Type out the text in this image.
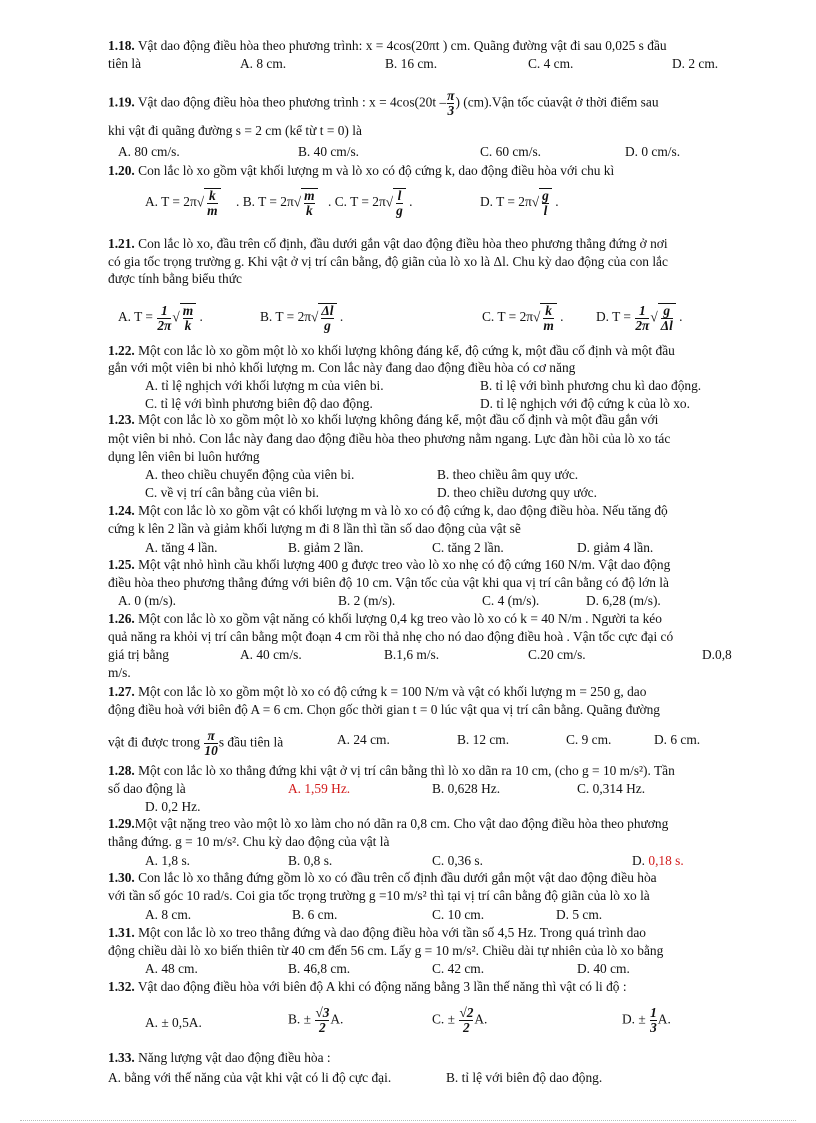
1.18. Vật dao động điều hòa theo phương trình: x = 4cos(20πt ) cm. Quãng đường vật đi sau 0,025 s đầu
tiên là	A. 8 cm.	B. 16 cm.	C. 4 cm.	D. 2 cm.
1.19. Vật dao động điều hòa theo phương trình : $x = 4\cos(20t - \frac{\pi}{3}$ ) (cm).Vận tốc củavật ở thời điểm sau
khi vật đi quãng đường s = 2 cm (kể từ t = 0) là
A. 80 cm/s.	B. 40 cm/s.	C. 60 cm/s.	D. 0 cm/s.
1.20. Con lắc lò xo gồm vật khối lượng m và lò xo có độ cứng k, dao động điều hòa với chu kì
A. $T = 2\pi√ \frac{k}{m}$ . B. $T = 2\pi√ \frac{m}{k}$ . C. $T = 2\pi√ \frac{l}{g}$ .	D. $T = 2\pi√ \frac{g}{l}$ .
1.21. Con lắc lò xo, đầu trên cố định, đầu dưới gắn vật dao động điều hòa theo phương thẳng đứng ở nơi
có gia tốc trọng trường g. Khi vật ở vị trí cân bằng, độ giãn của lò xo là Δl. Chu kỳ dao động của con lắc
được tính bằng biểu thức
A. $T = \frac{1}{2\pi}$ √ $\frac{m}{k}$ .	B. $T = 2\pi√ \frac{\Delta l}{g}$ .	C. $T = 2\pi√ \frac{k}{m}$ . D. $T = \frac{1}{2\pi}$ √ $\frac{g}{\Delta l}$ .
1.22. Một con lắc lò xo gồm một lò xo khối lượng không đáng kể, độ cứng k, một đầu cố định và một đầu
gắn với một viên bi nhỏ khối lượng m. Con lắc này đang dao động điều hòa có cơ năng
A. tỉ lệ nghịch với khối lượng m của viên bi.	B. tỉ lệ với bình phương chu kì dao động.
C. tỉ lệ với bình phương biên độ dao động.	D. tỉ lệ nghịch với độ cứng k của lò xo.
1.23. Một con lắc lò xo gồm một lò xo khối lượng không đáng kể, một đầu cố định và một đầu gắn với
một viên bi nhỏ. Con lắc này đang dao động điều hòa theo phương nằm ngang. Lực đàn hồi của lò xo tác
dụng lên viên bi luôn hướng
A. theo chiều chuyển động của viên bi.	B. theo chiều âm quy ước.
C. về vị trí cân bằng của viên bi.	D. theo chiều dương quy ước.
1.24. Một con lắc lò xo gồm vật có khối lượng m và lò xo có độ cứng k, dao động điều hòa. Nếu tăng độ
cứng k lên 2 lần và giảm khối lượng m đi 8 lần thì tần số dao động của vật sẽ
A. tăng 4 lần.	B. giảm 2 lần.	C. tăng 2 lần.	D. giảm 4 lần.
1.25. Một vật nhỏ hình cầu khối lượng 400 g được treo vào lò xo nhẹ có độ cứng 160 N/m. Vật dao động
điều hòa theo phương thẳng đứng với biên độ 10 cm. Vận tốc của vật khi qua vị trí cân bằng có độ lớn là
A. 0 (m/s).	B. 2 (m/s).	C. 4 (m/s).	D. 6,28 (m/s).
1.26. Một con lắc lò xo gồm vật năng có khối lượng 0,4 kg treo vào lò xo có k = 40 N/m . Người ta kéo
quả năng ra khỏi vị trí cân bằng một đoạn 4 cm rồi thả nhẹ cho nó dao động điều hoà . Vận tốc cực đại có
giá trị bằng	A. 40 cm/s.	B.1,6 m/s.	C.20 cm/s.	D.0,8
m/s.
1.27. Một con lắc lò xo gồm một lò xo có độ cứng k = 100 N/m và vật có khối lượng m = 250 g, dao
động điều hoà với biên độ A = 6 cm. Chọn gốc thời gian t = 0 lúc vật qua vị trí cân bằng. Quãng đường
vật đi được trong $\frac{\pi}{10}$ s đầu tiên là	A. 24 cm.	B. 12 cm.	C. 9 cm.	D. 6 cm.
1.28. Một con lắc lò xo thẳng đứng khi vật ở vị trí cân bằng thì lò xo dãn ra 10 cm, (cho g = 10 m/s²). Tần
số dao động là	A. 1,59 Hz.	B. 0,628 Hz.	C. 0,314 Hz.
D. 0,2 Hz.
1.29.Một vật nặng treo vào một lò xo làm cho nó dãn ra 0,8 cm. Cho vật dao động điều hòa theo phương
thẳng đứng. g = 10 m/s². Chu kỳ dao động của vật là
A. 1,8 s.	B. 0,8 s.	C. 0,36 s.	D. 0,18 s.
1.30. Con lắc lò xo thẳng đứng gồm lò xo có đầu trên cố định đầu dưới gắn một vật dao động điều hòa
với tần số góc 10 rad/s. Coi gia tốc trọng trường g =10 m/s² thì tại vị trí cân bằng độ giãn của lò xo là
A. 8 cm.	B. 6 cm.	C. 10 cm.	D. 5 cm.
1.31. Một con lắc lò xo treo thẳng đứng và dao động điều hòa với tần số 4,5 Hz. Trong quá trình dao
động chiều dài lò xo biến thiên từ 40 cm đến 56 cm. Lấy g = 10 m/s². Chiều dài tự nhiên của lò xo bằng
A. 48 cm.	B. 46,8 cm.	C. 42 cm.	D. 40 cm.
1.32. Vật dao động điều hòa với biên độ A khi có động năng bằng 3 lần thế năng thì vật có li độ :
A. ± 0,5A.	B. ± $\frac{√3}{2} A$.	C. ± $\frac{√2}{2} A$.	D. ± $\frac{1}{3} A$.
1.33. Năng lượng vật dao động điều hòa :
A. bằng với thế năng của vật khi vật có li độ cực đại.	B. tỉ lệ với biên độ dao động.
